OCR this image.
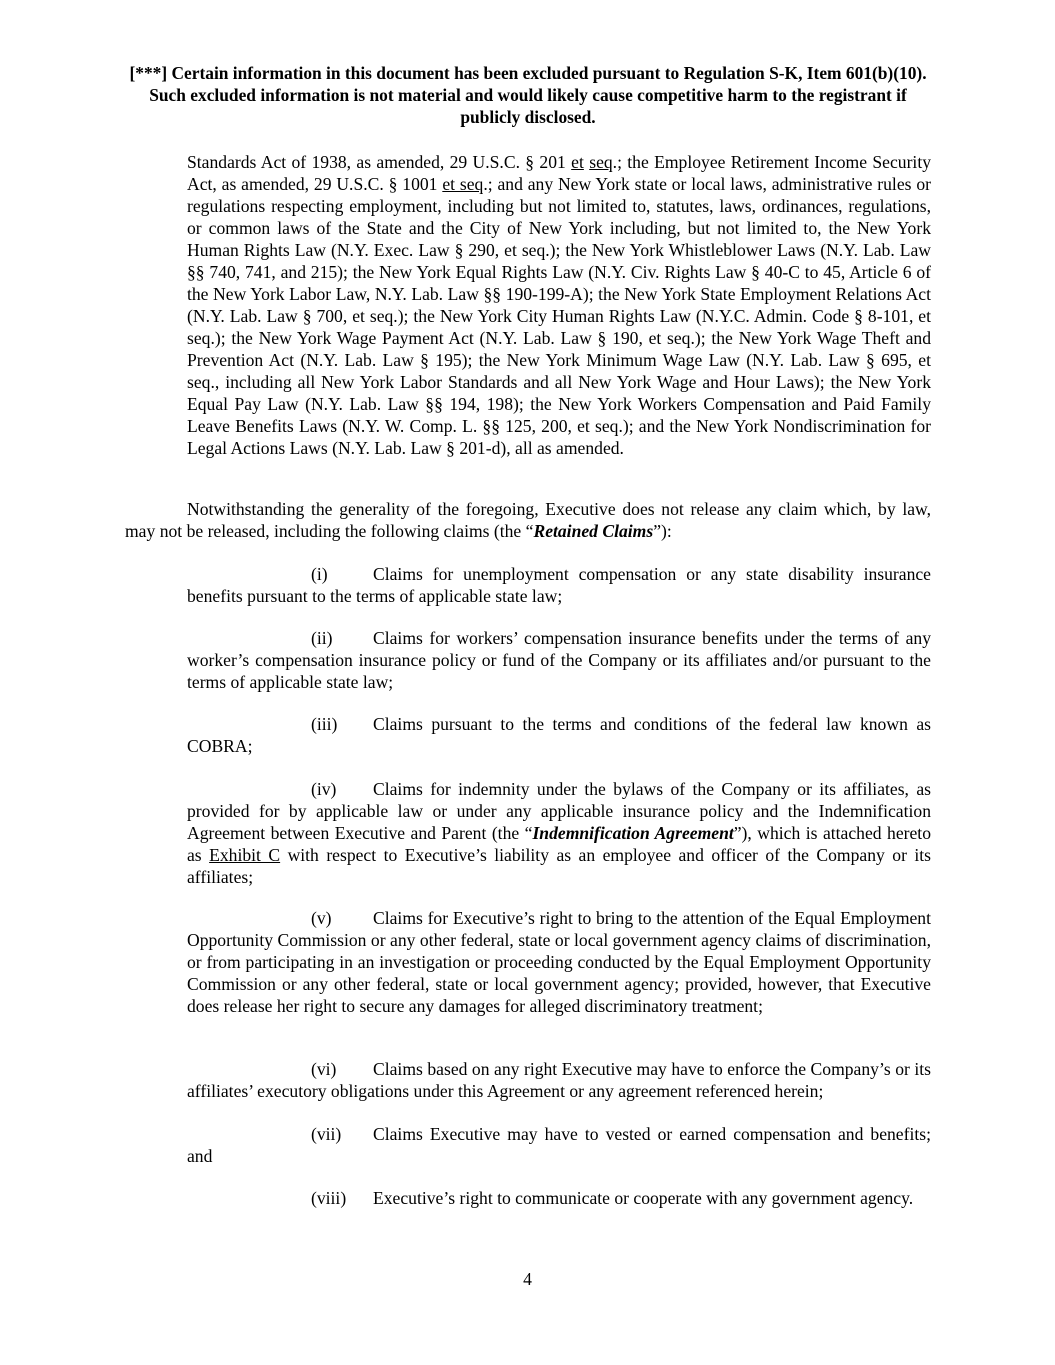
[***] Certain information in this document has been excluded pursuant to Regulation S-K, Item 601(b)(10). Such excluded information is not material and would likely cause competitive harm to the registrant if publicly disclosed.
Standards Act of 1938, as amended, 29 U.S.C. § 201 et seq.; the Employee Retirement Income Security Act, as amended, 29 U.S.C. § 1001 et seq.; and any New York state or local laws, administrative rules or regulations respecting employment, including but not limited to, statutes, laws, ordinances, regulations, or common laws of the State and the City of New York including, but not limited to, the New York Human Rights Law (N.Y. Exec. Law § 290, et seq.); the New York Whistleblower Laws (N.Y. Lab. Law §§ 740, 741, and 215); the New York Equal Rights Law (N.Y. Civ. Rights Law § 40-C to 45, Article 6 of the New York Labor Law, N.Y. Lab. Law §§ 190-199-A); the New York State Employment Relations Act (N.Y. Lab. Law § 700, et seq.); the New York City Human Rights Law (N.Y.C. Admin. Code § 8-101, et seq.); the New York Wage Payment Act (N.Y. Lab. Law § 190, et seq.); the New York Wage Theft and Prevention Act (N.Y. Lab. Law § 195); the New York Minimum Wage Law (N.Y. Lab. Law § 695, et seq., including all New York Labor Standards and all New York Wage and Hour Laws); the New York Equal Pay Law (N.Y. Lab. Law §§ 194, 198); the New York Workers Compensation and Paid Family Leave Benefits Laws (N.Y. W. Comp. L. §§ 125, 200, et seq.); and the New York Nondiscrimination for Legal Actions Laws (N.Y. Lab. Law § 201-d), all as amended.
Notwithstanding the generality of the foregoing, Executive does not release any claim which, by law, may not be released, including the following claims (the “Retained Claims”):
(i)	Claims for unemployment compensation or any state disability insurance benefits pursuant to the terms of applicable state law;
(ii) Claims for workers’ compensation insurance benefits under the terms of any worker’s compensation insurance policy or fund of the Company or its affiliates and/or pursuant to the terms of applicable state law;
(iii) Claims pursuant to the terms and conditions of the federal law known as COBRA;
(iv) Claims for indemnity under the bylaws of the Company or its affiliates, as provided for by applicable law or under any applicable insurance policy and the Indemnification Agreement between Executive and Parent (the “Indemnification Agreement”), which is attached hereto as Exhibit C with respect to Executive’s liability as an employee and officer of the Company or its affiliates;
(v) Claims for Executive’s right to bring to the attention of the Equal Employment Opportunity Commission or any other federal, state or local government agency claims of discrimination, or from participating in an investigation or proceeding conducted by the Equal Employment Opportunity Commission or any other federal, state or local government agency; provided, however, that Executive does release her right to secure any damages for alleged discriminatory treatment;
(vi) Claims based on any right Executive may have to enforce the Company’s or its affiliates’ executory obligations under this Agreement or any agreement referenced herein;
(vii) Claims Executive may have to vested or earned compensation and benefits; and
(viii) Executive’s right to communicate or cooperate with any government agency.
4
